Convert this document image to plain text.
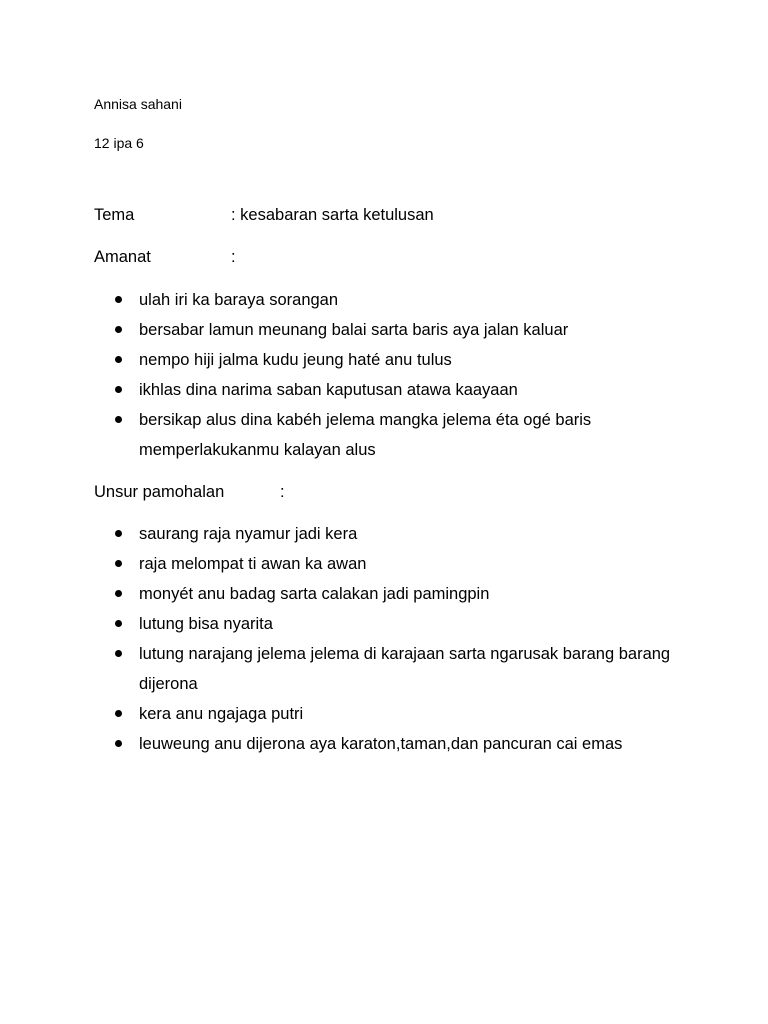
Annisa sahani
12 ipa 6
Tema	: kesabaran sarta ketulusan
Amanat	:
ulah iri ka baraya sorangan
bersabar lamun meunang balai sarta baris aya jalan kaluar
nempo hiji jalma kudu jeung haté anu tulus
ikhlas dina narima saban kaputusan atawa kaayaan
bersikap alus dina kabéh jelema mangka jelema éta ogé baris memperlakukanmu kalayan alus
Unsur pamohalan	:
saurang raja nyamur jadi kera
raja melompat ti awan ka awan
monyét anu badag sarta calakan jadi pamingpin
lutung bisa nyarita
lutung narajang jelema jelema di karajaan sarta ngarusak barang barang dijerona
kera anu ngajaga putri
leuweung anu dijerona aya karaton,taman,dan pancuran cai emas
